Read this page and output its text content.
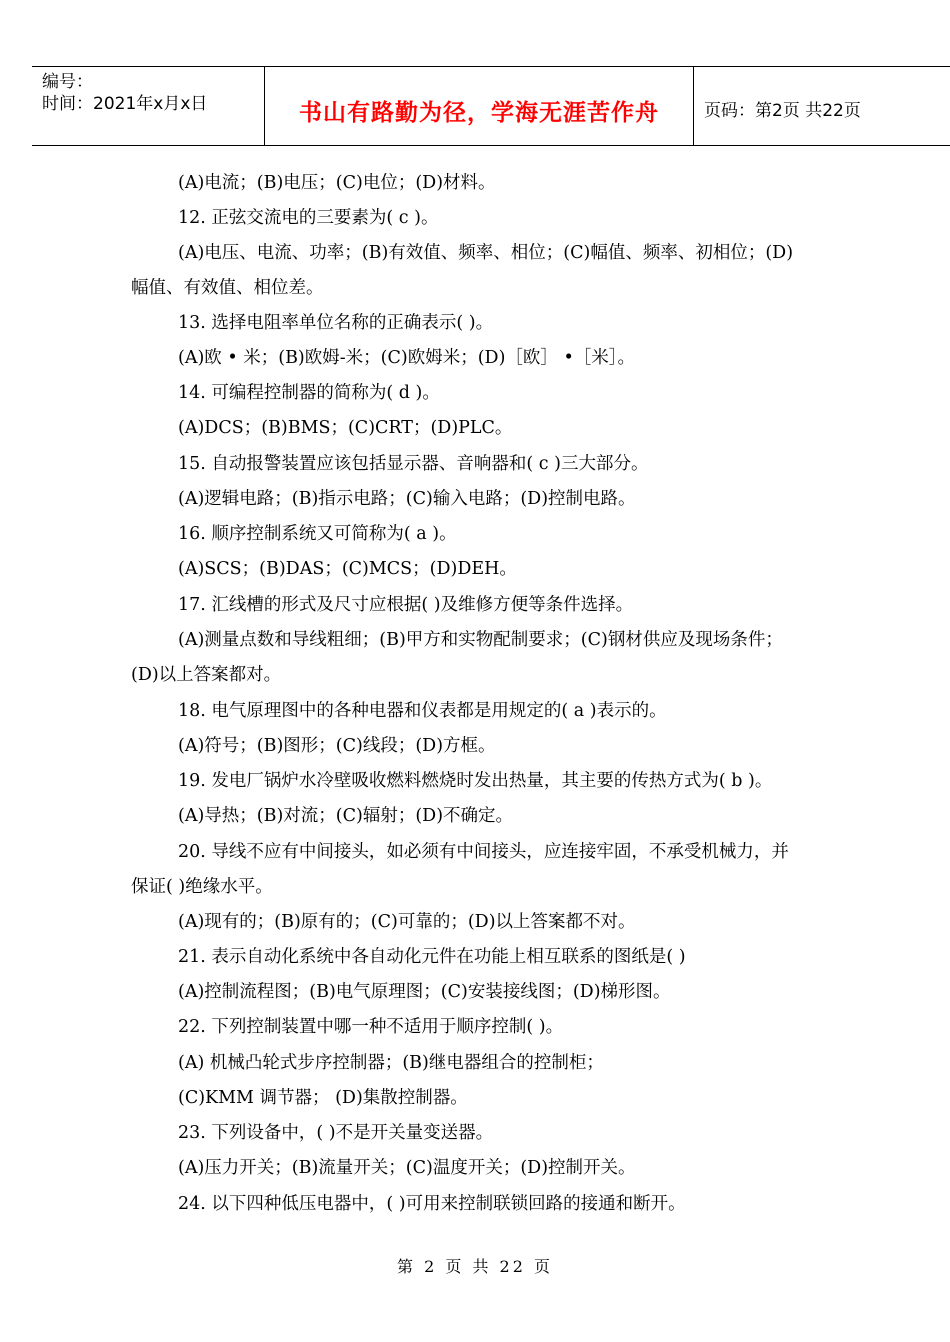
编号：
时间：2021年x月x日	书山有路勤为径，学海无涯苦作舟	页码：第2页 共22页
(A)电流；(B)电压；(C)电位；(D)材料。
12. 正弦交流电的三要素为( c )。
(A)电压、电流、功率；(B)有效值、频率、相位；(C)幅值、频率、初相位；(D)
幅值、有效值、相位差。
13. 选择电阻率单位名称的正确表示( )。
(A)欧 • 米；(B)欧姆-米；(C)欧姆米；(D)［欧］ •［米］。
14. 可编程控制器的简称为( d )。
(A)DCS；(B)BMS；(C)CRT；(D)PLC。
15. 自动报警装置应该包括显示器、音响器和( c )三大部分。
(A)逻辑电路；(B)指示电路；(C)输入电路；(D)控制电路。
16. 顺序控制系统又可简称为( a )。
(A)SCS；(B)DAS；(C)MCS；(D)DEH。
17. 汇线槽的形式及尺寸应根据( )及维修方便等条件选择。
(A)测量点数和导线粗细；(B)甲方和实物配制要求；(C)钢材供应及现场条件；
(D)以上答案都对。
18. 电气原理图中的各种电器和仪表都是用规定的( a )表示的。
(A)符号；(B)图形；(C)线段；(D)方框。
19. 发电厂锅炉水冷壁吸收燃料燃烧时发出热量，其主要的传热方式为( b )。
(A)导热；(B)对流；(C)辐射；(D)不确定。
20. 导线不应有中间接头，如必须有中间接头，应连接牢固，不承受机械力，并
保证( )绝缘水平。
(A)现有的；(B)原有的；(C)可靠的；(D)以上答案都不对。
21. 表示自动化系统中各自动化元件在功能上相互联系的图纸是( )
(A)控制流程图；(B)电气原理图；(C)安装接线图；(D)梯形图。
22. 下列控制装置中哪一种不适用于顺序控制( )。
(A) 机械凸轮式步序控制器；(B)继电器组合的控制柜；
(C)KMM 调节器； (D)集散控制器。
23. 下列设备中，( )不是开关量变送器。
(A)压力开关；(B)流量开关；(C)温度开关；(D)控制开关。
24. 以下四种低压电器中，( )可用来控制联锁回路的接通和断开。
第 2 页 共 22 页
